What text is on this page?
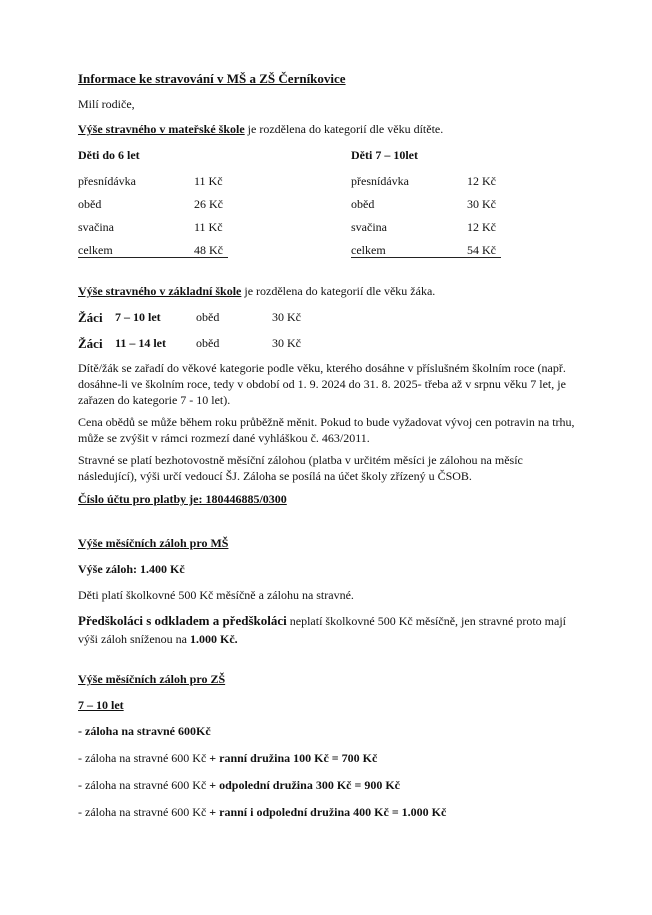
Informace ke stravování v MŠ a ZŠ Černíkovice
Milí rodiče,
Výše stravného v mateřské škole je rozdělena do kategorií dle věku dítěte.
Děti do 6 let
přesnídávka	11 Kč
oběd	26 Kč
svačina	11 Kč
celkem	48 Kč
Děti 7 – 10let
přesnídávka	12 Kč
oběd	30 Kč
svačina	12 Kč
celkem	54 Kč
Výše stravného v základní škole je rozdělena do kategorií dle věku žáka.
Žáci 7 – 10 let	oběd	30 Kč
Žáci 11 – 14 let	oběd	30 Kč
Dítě/žák se zařadí do věkové kategorie podle věku, kterého dosáhne v příslušném školním roce (např. dosáhne-li ve školním roce, tedy v období od 1. 9. 2024 do 31. 8. 2025- třeba až v srpnu věku 7 let, je zařazen do kategorie 7 - 10 let).
Cena obědů se může během roku průběžně měnit. Pokud to bude vyžadovat vývoj cen potravin na trhu, může se zvýšit v rámci rozmezí dané vyhláškou č. 463/2011.
Stravné se platí bezhotovostně měsíční zálohou (platba v určitém měsíci je zálohou na měsíc následující), výši určí vedoucí ŠJ. Záloha se posílá na účet školy zřízený u ČSOB.
Číslo účtu pro platby je: 180446885/0300
Výše měsíčních záloh pro MŠ
Výše záloh: 1.400 Kč
Děti platí školkovné 500 Kč měsíčně a zálohu na stravné.
Předškoláci s odkladem a předškoláci neplatí školkovné 500 Kč měsíčně, jen stravné proto mají výši záloh sníženou na 1.000 Kč.
Výše měsíčních záloh pro ZŠ
7 – 10 let
- záloha na stravné 600Kč
- záloha na stravné 600 Kč + ranní družina 100 Kč = 700 Kč
- záloha na stravné 600 Kč + odpolední družina 300 Kč = 900 Kč
- záloha na stravné 600 Kč + ranní i odpolední družina 400 Kč = 1.000 Kč
